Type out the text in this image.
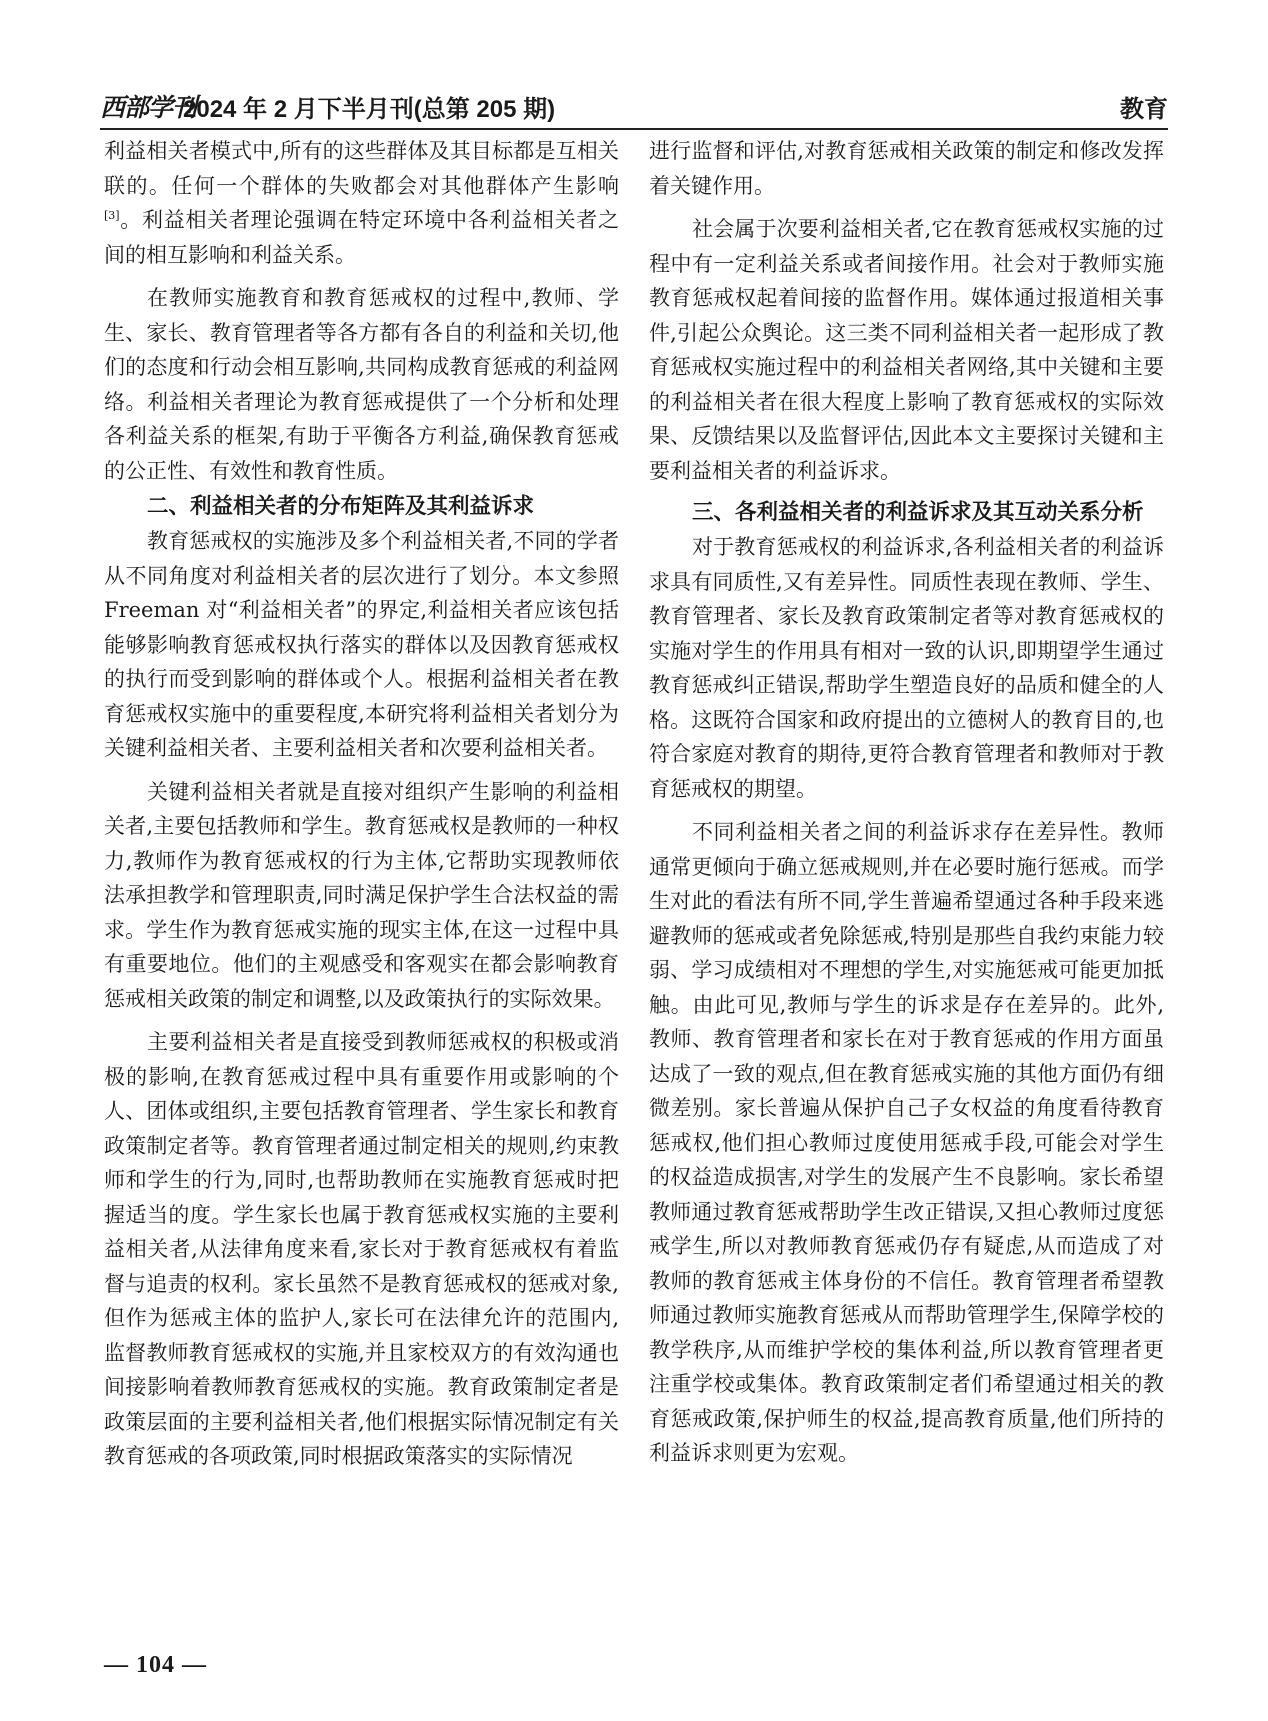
西部学刊
2024 年 2 月下半月刊(总第 205 期)	教育

利益相关者模式中,所有的这些群体及其目标都是互相关联的。任何一个群体的失败都会对其他群体产生影响[3]。利益相关者理论强调在特定环境中各利益相关者之间的相互影响和利益关系。

在教师实施教育和教育惩戒权的过程中,教师、学生、家长、教育管理者等各方都有各自的利益和关切,他们的态度和行动会相互影响,共同构成教育惩戒的利益网络。利益相关者理论为教育惩戒提供了一个分析和处理各利益关系的框架,有助于平衡各方利益,确保教育惩戒的公正性、有效性和教育性质。

二、利益相关者的分布矩阵及其利益诉求

教育惩戒权的实施涉及多个利益相关者,不同的学者从不同角度对利益相关者的层次进行了划分。本文参照 Freeman 对“利益相关者”的界定,利益相关者应该包括能够影响教育惩戒权执行落实的群体以及因教育惩戒权的执行而受到影响的群体或个人。根据利益相关者在教育惩戒权实施中的重要程度,本研究将利益相关者划分为关键利益相关者、主要利益相关者和次要利益相关者。

关键利益相关者就是直接对组织产生影响的利益相关者,主要包括教师和学生。教育惩戒权是教师的一种权力,教师作为教育惩戒权的行为主体,它帮助实现教师依法承担教学和管理职责,同时满足保护学生合法权益的需求。学生作为教育惩戒实施的现实主体,在这一过程中具有重要地位。他们的主观感受和客观实在都会影响教育惩戒相关政策的制定和调整,以及政策执行的实际效果。

主要利益相关者是直接受到教师惩戒权的积极或消极的影响,在教育惩戒过程中具有重要作用或影响的个人、团体或组织,主要包括教育管理者、学生家长和教育政策制定者等。教育管理者通过制定相关的规则,约束教师和学生的行为,同时,也帮助教师在实施教育惩戒时把握适当的度。学生家长也属于教育惩戒权实施的主要利益相关者,从法律角度来看,家长对于教育惩戒权有着监督与追责的权利。家长虽然不是教育惩戒权的惩戒对象,但作为惩戒主体的监护人,家长可在法律允许的范围内,监督教师教育惩戒权的实施,并且家校双方的有效沟通也间接影响着教师教育惩戒权的实施。教育政策制定者是政策层面的主要利益相关者,他们根据实际情况制定有关教育惩戒的各项政策,同时根据政策落实的实际情况

进行监督和评估,对教育惩戒相关政策的制定和修改发挥着关键作用。

社会属于次要利益相关者,它在教育惩戒权实施的过程中有一定利益关系或者间接作用。社会对于教师实施教育惩戒权起着间接的监督作用。媒体通过报道相关事件,引起公众舆论。这三类不同利益相关者一起形成了教育惩戒权实施过程中的利益相关者网络,其中关键和主要的利益相关者在很大程度上影响了教育惩戒权的实际效果、反馈结果以及监督评估,因此本文主要探讨关键和主要利益相关者的利益诉求。

三、各利益相关者的利益诉求及其互动关系分析

对于教育惩戒权的利益诉求,各利益相关者的利益诉求具有同质性,又有差异性。同质性表现在教师、学生、教育管理者、家长及教育政策制定者等对教育惩戒权的实施对学生的作用具有相对一致的认识,即期望学生通过教育惩戒纠正错误,帮助学生塑造良好的品质和健全的人格。这既符合国家和政府提出的立德树人的教育目的,也符合家庭对教育的期待,更符合教育管理者和教师对于教育惩戒权的期望。

不同利益相关者之间的利益诉求存在差异性。教师通常更倾向于确立惩戒规则,并在必要时施行惩戒。而学生对此的看法有所不同,学生普遍希望通过各种手段来逃避教师的惩戒或者免除惩戒,特别是那些自我约束能力较弱、学习成绩相对不理想的学生,对实施惩戒可能更加抵触。由此可见,教师与学生的诉求是存在差异的。此外,教师、教育管理者和家长在对于教育惩戒的作用方面虽达成了一致的观点,但在教育惩戒实施的其他方面仍有细微差别。家长普遍从保护自己子女权益的角度看待教育惩戒权,他们担心教师过度使用惩戒手段,可能会对学生的权益造成损害,对学生的发展产生不良影响。家长希望教师通过教育惩戒帮助学生改正错误,又担心教师过度惩戒学生,所以对教师教育惩戒仍存有疑虑,从而造成了对教师的教育惩戒主体身份的不信任。教育管理者希望教师通过教师实施教育惩戒从而帮助管理学生,保障学校的教学秩序,从而维护学校的集体利益,所以教育管理者更注重学校或集体。教育政策制定者们希望通过相关的教育惩戒政策,保护师生的权益,提高教育质量,他们所持的利益诉求则更为宏观。

— 104 —
